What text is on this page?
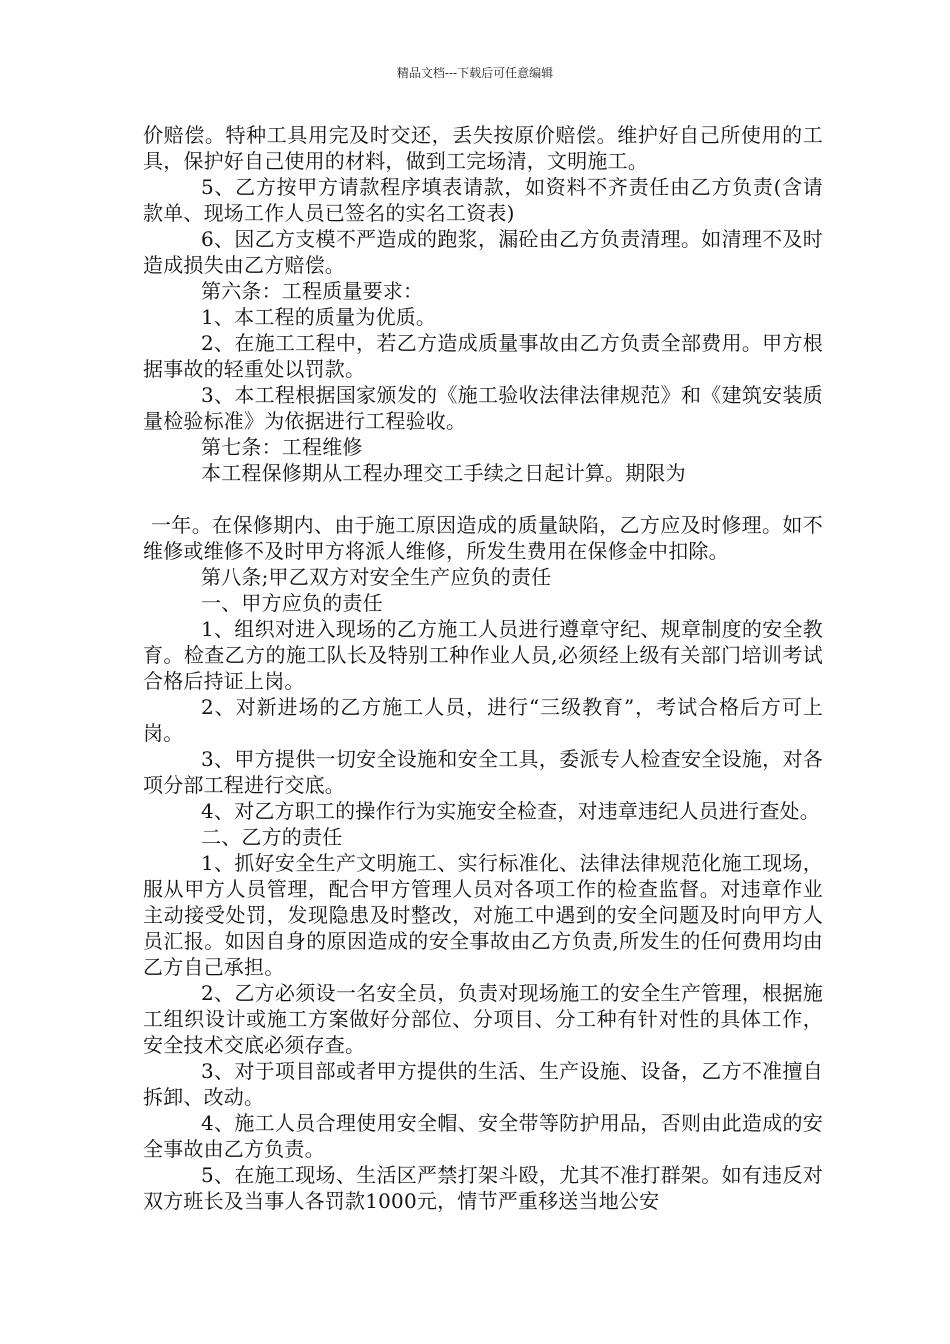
精品文档---下载后可任意编辑

价赔偿。特种工具用完及时交还，丢失按原价赔偿。维护好自己所使用的工具，保护好自己使用的材料，做到工完场清，文明施工。

5、乙方按甲方请款程序填表请款，如资料不齐责任由乙方负责(含请款单、现场工作人员已签名的实名工资表)

6、因乙方支模不严造成的跑浆，漏砼由乙方负责清理。如清理不及时造成损失由乙方赔偿。

第六条：工程质量要求：

1、本工程的质量为优质。

2、在施工工程中，若乙方造成质量事故由乙方负责全部费用。甲方根据事故的轻重处以罚款。

3、本工程根据国家颁发的《施工验收法律法律规范》和《建筑安装质量检验标准》为依据进行工程验收。

第七条：工程维修

本工程保修期从工程办理交工手续之日起计算。期限为

一年。在保修期内、由于施工原因造成的质量缺陷，乙方应及时修理。如不维修或维修不及时甲方将派人维修，所发生费用在保修金中扣除。

第八条;甲乙双方对安全生产应负的责任

一、甲方应负的责任

1、组织对进入现场的乙方施工人员进行遵章守纪、规章制度的安全教育。检查乙方的施工队长及特别工种作业人员,必须经上级有关部门培训考试合格后持证上岗。

2、对新进场的乙方施工人员，进行“三级教育”，考试合格后方可上岗。

3、甲方提供一切安全设施和安全工具，委派专人检查安全设施，对各项分部工程进行交底。

4、对乙方职工的操作行为实施安全检查，对违章违纪人员进行查处。

二、乙方的责任

1、抓好安全生产文明施工、实行标准化、法律法律规范化施工现场，服从甲方人员管理，配合甲方管理人员对各项工作的检查监督。对违章作业主动接受处罚，发现隐患及时整改，对施工中遇到的安全问题及时向甲方人员汇报。如因自身的原因造成的安全事故由乙方负责,所发生的任何费用均由乙方自己承担。

2、乙方必须设一名安全员，负责对现场施工的安全生产管理，根据施工组织设计或施工方案做好分部位、分项目、分工种有针对性的具体工作，安全技术交底必须存查。

3、对于项目部或者甲方提供的生活、生产设施、设备，乙方不准擅自拆卸、改动。

4、施工人员合理使用安全帽、安全带等防护用品，否则由此造成的安全事故由乙方负责。

5、在施工现场、生活区严禁打架斗殴，尤其不准打群架。如有违反对双方班长及当事人各罚款1000元，情节严重移送当地公安
